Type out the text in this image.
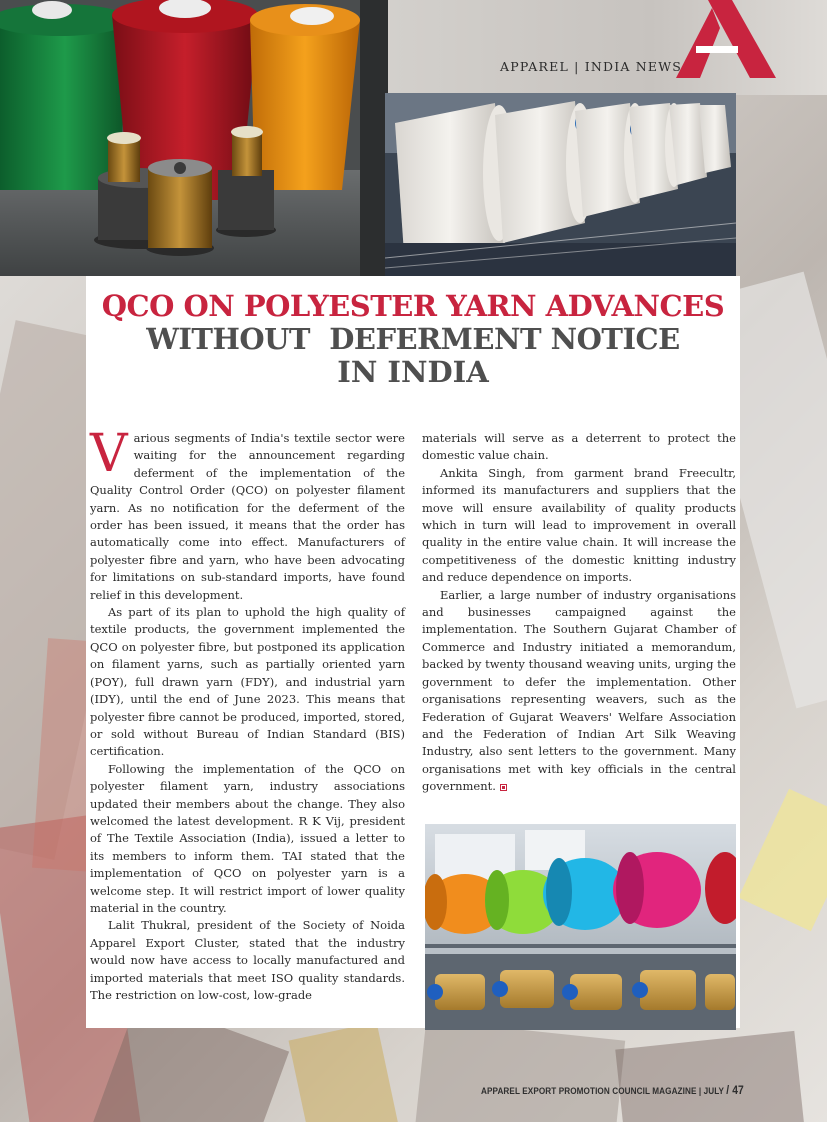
APPAREL | INDIA NEWS
QCO ON POLYESTER YARN ADVANCES
WITHOUT  DEFERMENT NOTICE
IN INDIA

Various segments of India's textile sector were waiting for the announcement regarding deferment of the implementation of the Quality Control Order (QCO) on polyester filament yarn. As no notification for the deferment of the order has been issued, it means that the order has automatically come into effect. Manufacturers of polyester fibre and yarn, who have been advocating for limitations on sub-standard imports, have found relief in this development.

As part of its plan to uphold the high quality of textile products, the government implemented the QCO on polyester fibre, but postponed its application on filament yarns, such as partially oriented yarn (POY), full drawn yarn (FDY), and industrial yarn (IDY), until the end of June 2023. This means that polyester fibre cannot be produced, imported, stored, or sold without Bureau of Indian Standard (BIS) certification.

Following the implementation of the QCO on polyester filament yarn, industry associations updated their members about the change. They also welcomed the latest development. R K Vij, president of The Textile Association (India), issued a letter to its members to inform them. TAI stated that the implementation of QCO on polyester yarn is a welcome step. It will restrict import of lower quality material in the country.

Lalit Thukral, president of the Society of Noida Apparel Export Cluster, stated that the industry would now have access to locally manufactured and imported materials that meet ISO quality standards. The restriction on low-cost, low-grade

materials will serve as a deterrent to protect the domestic value chain.

Ankita Singh, from garment brand Freecultr, informed its manufacturers and suppliers that the move will ensure availability of quality products which in turn will lead to improvement in overall quality in the entire value chain. It will increase the competitiveness of the domestic knitting industry and reduce dependence on imports.

Earlier, a large number of industry organisations and businesses campaigned against the implementation. The Southern Gujarat Chamber of Commerce and Industry initiated a memorandum, backed by twenty thousand weaving units, urging the government to defer the implementation. Other organisations representing weavers, such as the Federation of Gujarat Weavers' Welfare Association and the Federation of Indian Art Silk Weaving Industry, also sent letters to the government. Many organisations met with key officials in the central government.

APPAREL EXPORT PROMOTION COUNCIL MAGAZINE | JULY / 47
